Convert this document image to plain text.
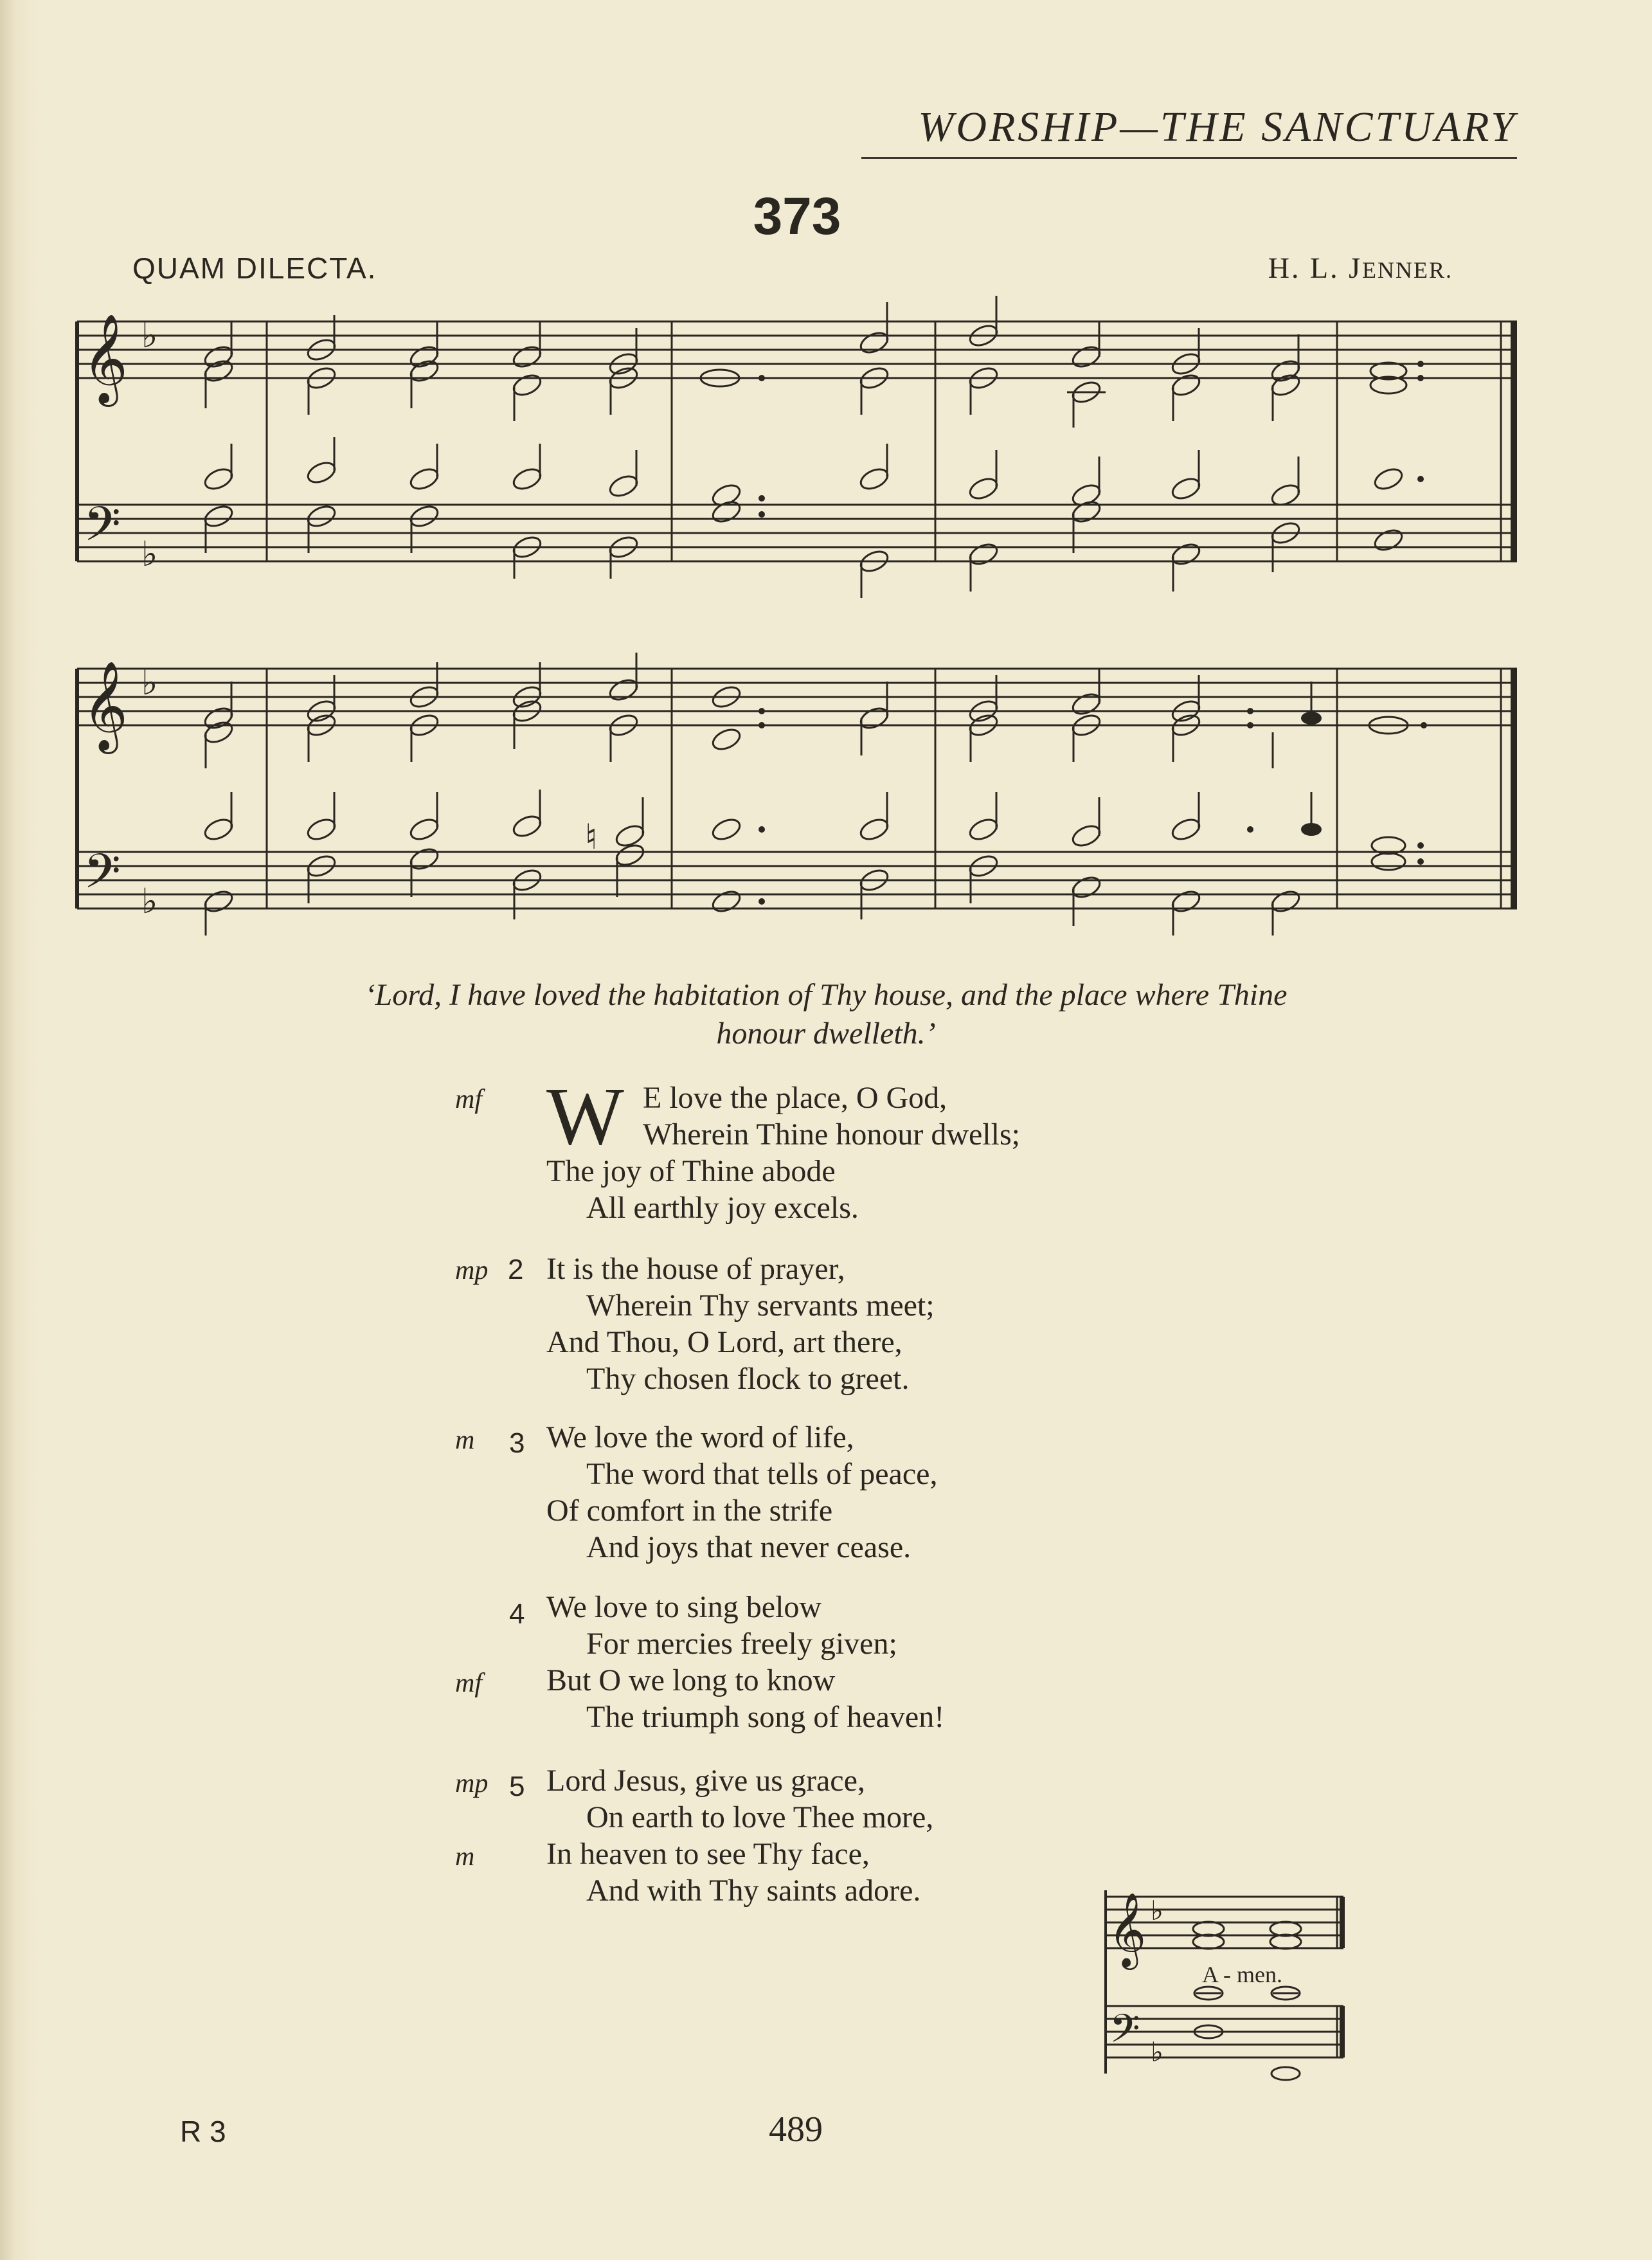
WORSHIP—THE SANCTUARY
373
QUAM DILECTA.	H. L. JENNER.
𝄞 ♭
𝄢 ♭
𝄞 ♭
𝄢 ♭
♮
‘Lord, I have loved the habitation of Thy house, and the place where Thine
honour dwelleth.’
mf W E love the place, O God,
Wherein Thine honour dwells;
The joy of Thine abode
All earthly joy excels.
mp 2 It is the house of prayer,
Wherein Thy servants meet;
And Thou, O Lord, art there,
Thy chosen flock to greet.
m 3 We love the word of life,
The word that tells of peace,
Of comfort in the strife
And joys that never cease.
4 We love to sing below
For mercies freely given;
mf But O we long to know
The triumph song of heaven!
mp 5 Lord Jesus, give us grace,
On earth to love Thee more,
m In heaven to see Thy face,
And with Thy saints adore.
𝄞 ♭
𝄢 ♭
A - men.
R 3	489
